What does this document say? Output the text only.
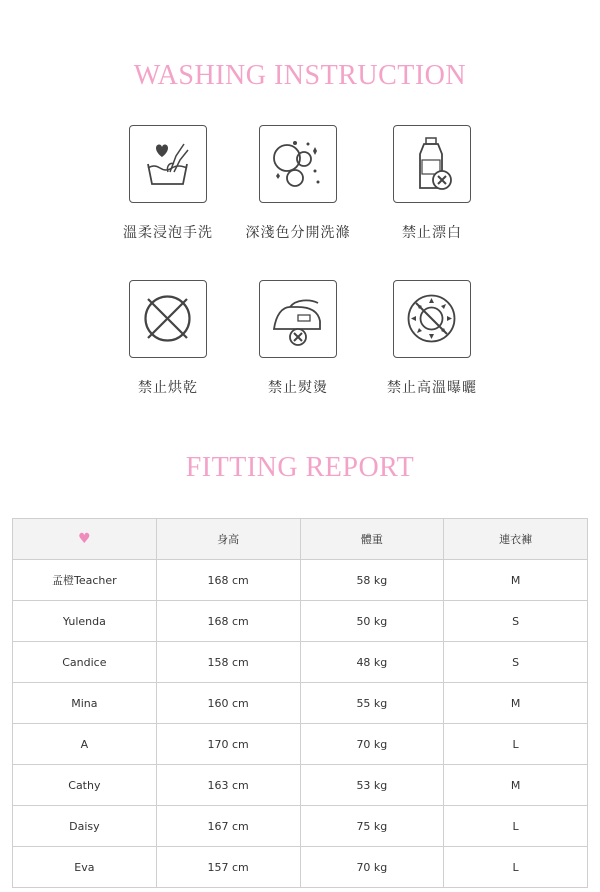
WASHING INSTRUCTION
溫柔浸泡手洗	深淺色分開洗滌	禁止漂白
禁止烘乾	禁止熨燙	禁止高溫曝曬
FITTING REPORT
♥	身高	體重	連衣褲
孟橙Teacher	168 cm	58 kg	M
Yulenda	168 cm	50 kg	S
Candice	158 cm	48 kg	S
Mina	160 cm	55 kg	M
A	170 cm	70 kg	L
Cathy	163 cm	53 kg	M
Daisy	167 cm	75 kg	L
Eva	157 cm	70 kg	L
